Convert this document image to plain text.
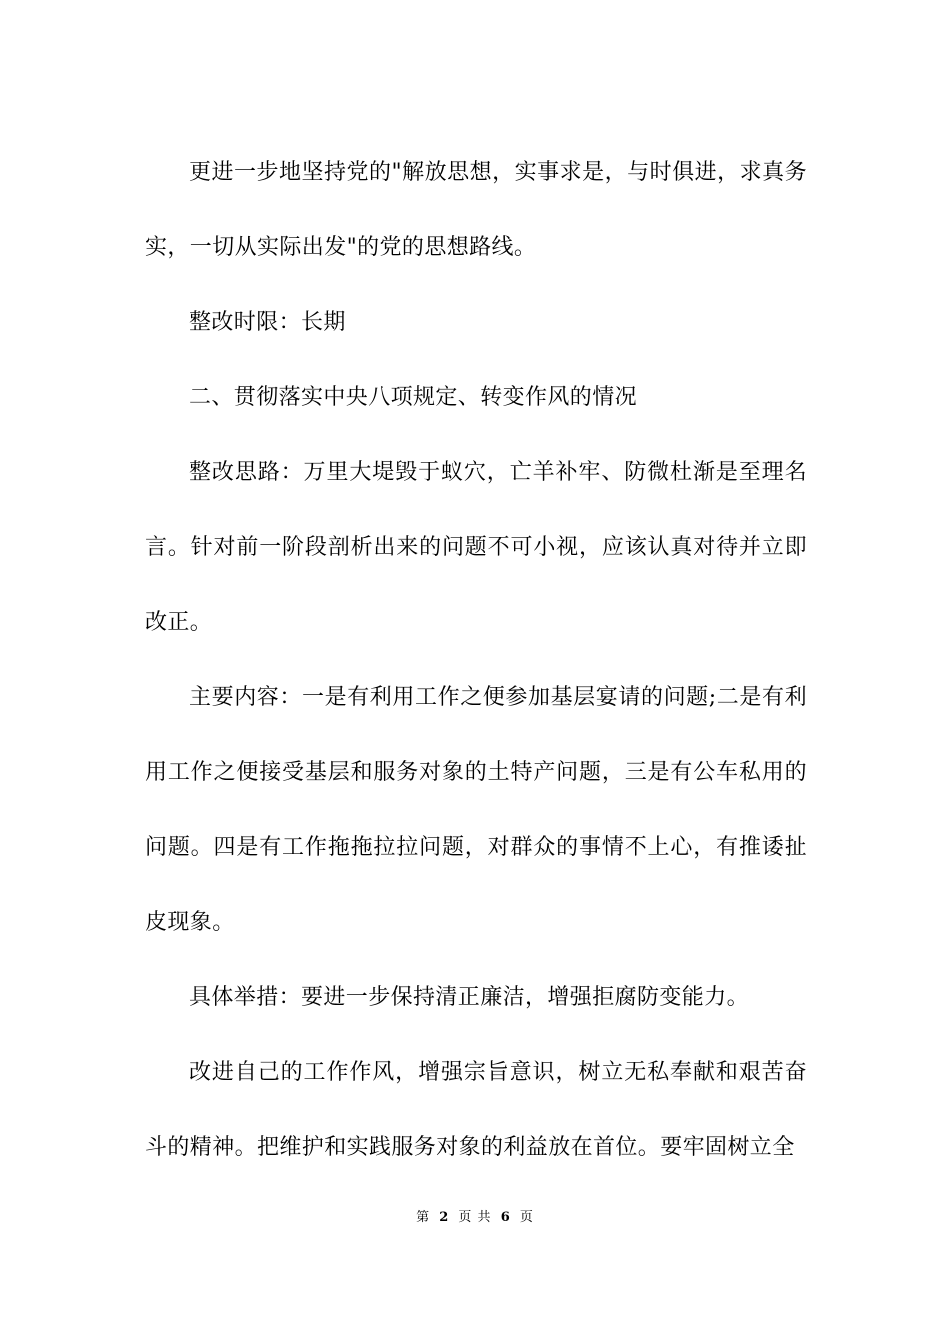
更进一步地坚持党的"解放思想，实事求是，与时俱进，求真务实，一切从实际出发"的党的思想路线。

整改时限：长期

二、贯彻落实中央八项规定、转变作风的情况

整改思路：万里大堤毁于蚁穴，亡羊补牢、防微杜渐是至理名言。针对前一阶段剖析出来的问题不可小视，应该认真对待并立即改正。

主要内容：一是有利用工作之便参加基层宴请的问题;二是有利用工作之便接受基层和服务对象的土特产问题，三是有公车私用的问题。四是有工作拖拖拉拉问题，对群众的事情不上心，有推诿扯皮现象。

具体举措：要进一步保持清正廉洁，增强拒腐防变能力。

改进自己的工作作风，增强宗旨意识，树立无私奉献和艰苦奋斗的精神。把维护和实践服务对象的利益放在首位。要牢固树立全

第 2 页 共 6 页
